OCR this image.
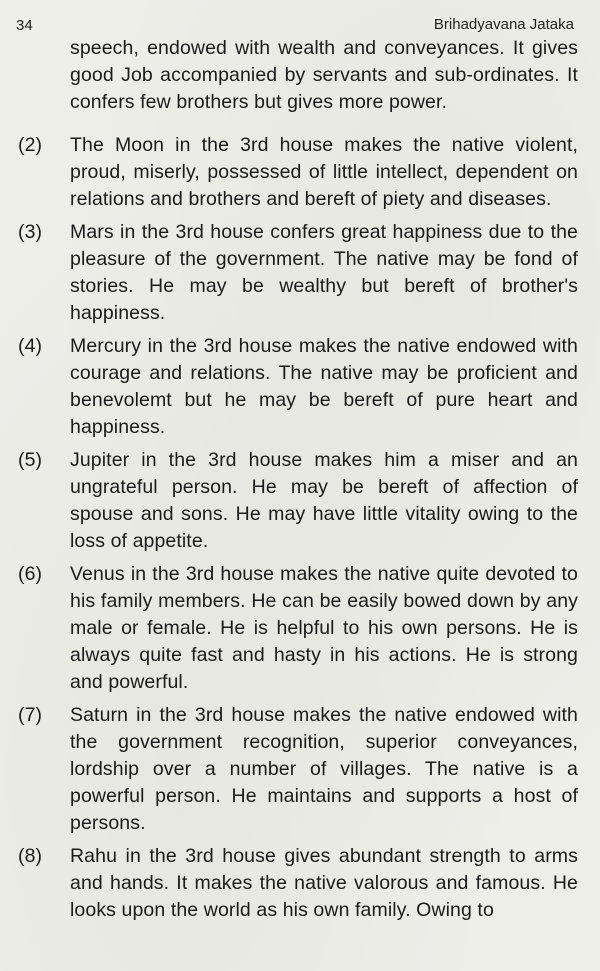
34	Brihadyavana Jataka
speech, endowed with wealth and conveyances. It gives good Job accompanied by servants and sub-ordinates. It confers few brothers but gives more power.
(2) The Moon in the 3rd house makes the native violent, proud, miserly, possessed of little intellect, dependent on relations and brothers and bereft of piety and diseases.
(3) Mars in the 3rd house confers great happiness due to the pleasure of the government. The native may be fond of stories. He may be wealthy but bereft of brother's happiness.
(4) Mercury in the 3rd house makes the native endowed with courage and relations. The native may be proficient and benevolemt but he may be bereft of pure heart and happiness.
(5) Jupiter in the 3rd house makes him a miser and an ungrateful person. He may be bereft of affection of spouse and sons. He may have little vitality owing to the loss of appetite.
(6) Venus in the 3rd house makes the native quite devoted to his family members. He can be easily bowed down by any male or female. He is helpful to his own persons. He is always quite fast and hasty in his actions. He is strong and powerful.
(7) Saturn in the 3rd house makes the native endowed with the government recognition, superior conveyances, lordship over a number of villages. The native is a powerful person. He maintains and supports a host of persons.
(8) Rahu in the 3rd house gives abundant strength to arms and hands. It makes the native valorous and famous. He looks upon the world as his own family. Owing to
